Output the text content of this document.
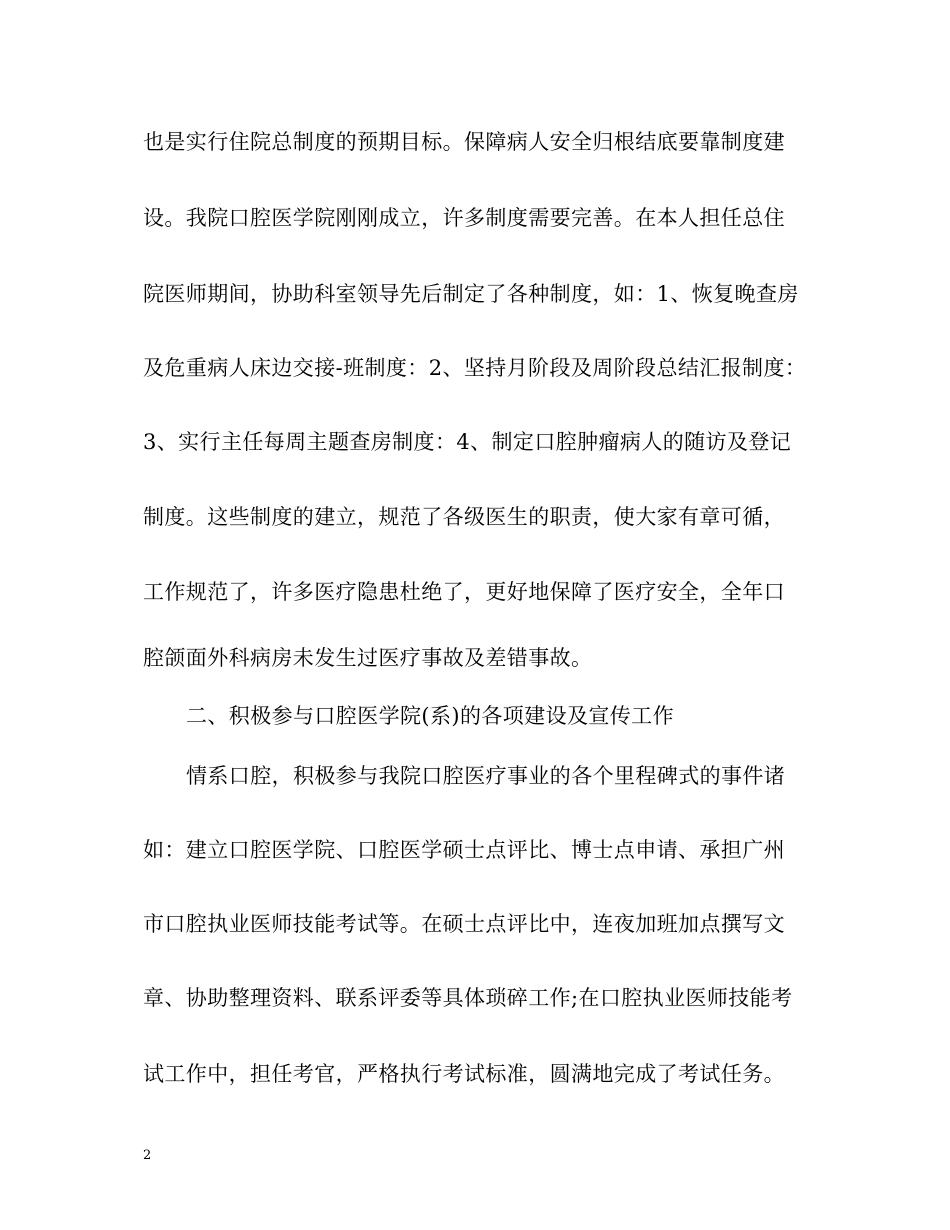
也是实行住院总制度的预期目标。保障病人安全归根结底要靠制度建
设。我院口腔医学院刚刚成立，许多制度需要完善。在本人担任总住
院医师期间，协助科室领导先后制定了各种制度，如：1、恢复晚查房
及危重病人床边交接-班制度：2、坚持月阶段及周阶段总结汇报制度：
3、实行主任每周主题查房制度：4、制定口腔肿瘤病人的随访及登记
制度。这些制度的建立，规范了各级医生的职责，使大家有章可循，
工作规范了，许多医疗隐患杜绝了，更好地保障了医疗安全，全年口
腔颌面外科病房未发生过医疗事故及差错事故。
二、积极参与口腔医学院(系)的各项建设及宣传工作
情系口腔，积极参与我院口腔医疗事业的各个里程碑式的事件诸
如：建立口腔医学院、口腔医学硕士点评比、博士点申请、承担广州
市口腔执业医师技能考试等。在硕士点评比中，连夜加班加点撰写文
章、协助整理资料、联系评委等具体琐碎工作;在口腔执业医师技能考
试工作中，担任考官，严格执行考试标准，圆满地完成了考试任务。
2
